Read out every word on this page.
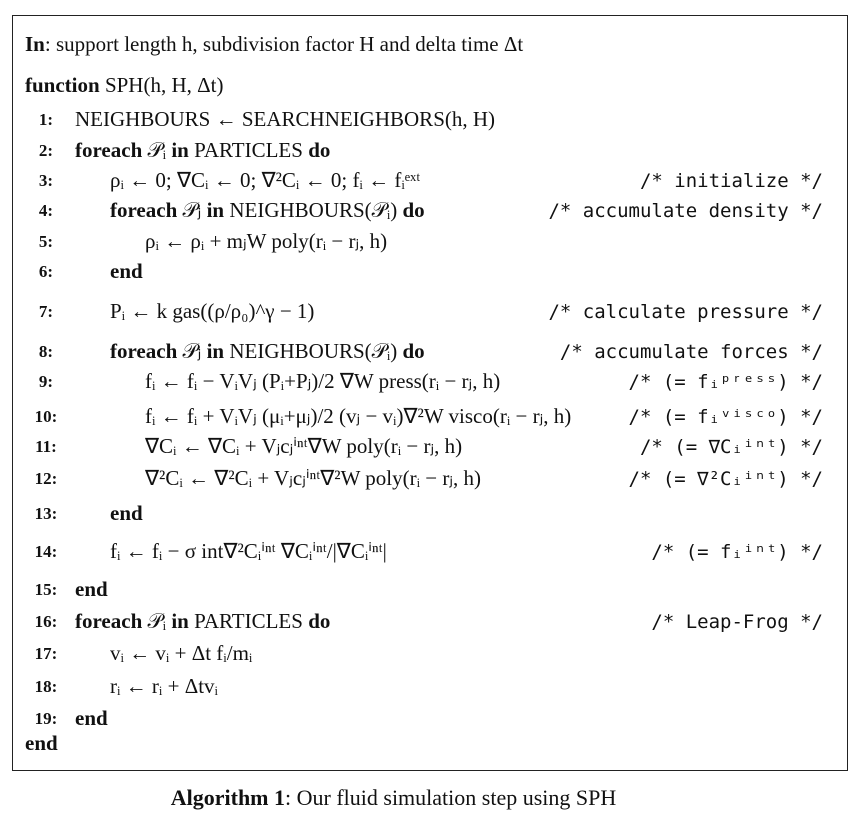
In: support length h, subdivision factor H and delta time Δt
function SPH(h, H, Δt)
1:	NEIGHBOURS ← SEARCHNEIGHBORS(h, H)
2:	foreach 𝒫ᵢ in PARTICLES do
3:	ρᵢ ← 0; ∇Cᵢ ← 0; ∇²Cᵢ ← 0; fᵢ ← fᵢᵉˣᵗ	/* initialize */
4:	foreach 𝒫ⱼ in NEIGHBOURS(𝒫ᵢ) do	/* accumulate density */
5:	ρᵢ ← ρᵢ + mⱼW poly(rᵢ − rⱼ, h)
6:	end
7:	Pᵢ ← k gas((ρ/ρ₀)^γ − 1)	/* calculate pressure */
8:	foreach 𝒫ⱼ in NEIGHBOURS(𝒫ᵢ) do	/* accumulate forces */
9:	fᵢ ← fᵢ − VᵢVⱼ (Pᵢ+Pⱼ)/2 ∇W press(rᵢ − rⱼ, h)	/* (= fᵢᵖʳᵉˢˢ) */
10:	fᵢ ← fᵢ + VᵢVⱼ (μᵢ+μⱼ)/2 (vⱼ − vᵢ)∇²W visco(rᵢ − rⱼ, h)	/* (= fᵢᵛⁱˢᶜᵒ) */
11:	∇Cᵢ ← ∇Cᵢ + Vⱼcⱼⁱⁿᵗ∇W poly(rᵢ − rⱼ, h)	/* (= ∇Cᵢⁱⁿᵗ) */
12:	∇²Cᵢ ← ∇²Cᵢ + Vⱼcⱼⁱⁿᵗ∇²W poly(rᵢ − rⱼ, h)	/* (= ∇²Cᵢⁱⁿᵗ) */
13:	end
14:	fᵢ ← fᵢ − σ int∇²Cᵢⁱⁿᵗ ∇Cᵢⁱⁿᵗ/|∇Cᵢⁱⁿᵗ|	/* (= fᵢⁱⁿᵗ) */
15: end
16: foreach 𝒫ᵢ in PARTICLES do	/* Leap-Frog */
17:	vᵢ ← vᵢ + Δt fᵢ/mᵢ
18:	rᵢ ← rᵢ + Δtvᵢ
19: end
end
Algorithm 1: Our fluid simulation step using SPH
